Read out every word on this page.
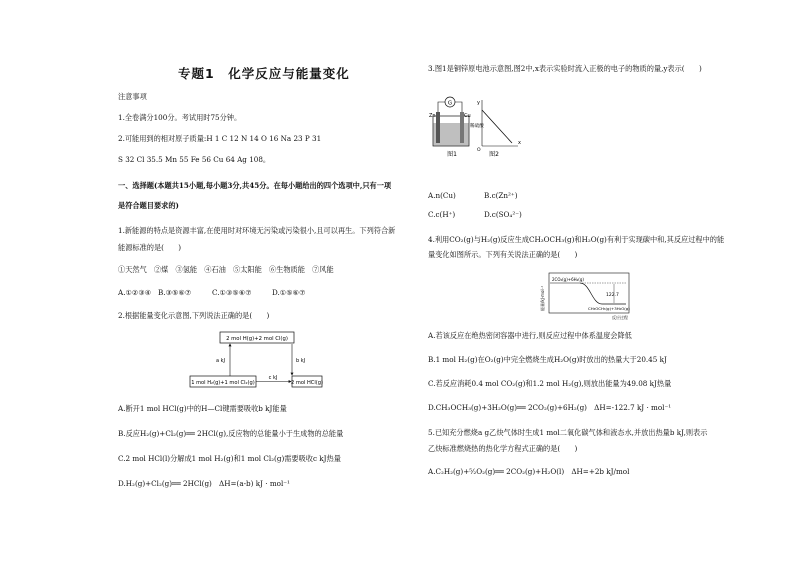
专题1　化学反应与能量变化
注意事项
1.全卷满分100分。考试用时75分钟。
2.可能用到的相对原子质量:H 1 C 12 N 14 O 16 Na 23 P 31
S 32 Cl 35.5 Mn 55 Fe 56 Cu 64 Ag 108。
一、选择题(本题共15小题,每小题3分,共45分。在每小题给出的四个选项中,只有一项
是符合题目要求的)
1.新能源的特点是资源丰富,在使用时对环境无污染或污染很小,且可以再生。下列符合新
能源标准的是(　　)
①天然气　②煤　③氢能　④石油　⑤太阳能　⑥生物质能　⑦风能
A.①②③④ B.③⑤⑥⑦	C.①③⑤⑥⑦	D.①⑤⑥⑦
2.根据能量变化示意图,下列说法正确的是(　　)
2 mol H(g)+2 mol Cl(g)
1 mol H₂(g)+1 mol Cl₂(g)	2 mol HCl(g)
a kJ	b kJ
c kJ
A.断开1 mol HCl(g)中的H—Cl键需要吸收b kJ能量
B.反应H₂(g)+Cl₂(g)══ 2HCl(g),反应物的总能量小于生成物的总能量
C.2 mol HCl(l)分解成1 mol H₂(g)和1 mol Cl₂(g)需要吸收c kJ热量
D.H₂(g)+Cl₂(g)══ 2HCl(g)　ΔH=(a-b) kJ · mol⁻¹
3.图1是铜锌原电池示意图,图2中,x表示实验时流入正极的电子的物质的量,y表示(　　)
G
Zn	Cu
稀硫酸
图1
y
x
O
图2
A.n(Cu)	B.c(Zn²⁺)
C.c(H⁺)	D.c(SO₄²⁻)
4.利用CO₂(g)与H₂(g)反应生成CH₃OCH₃(g)和H₂O(g)有利于实现碳中和,其反应过程中的能
量变化如图所示。下列有关说法正确的是(　　)
能量/kJ·mol⁻¹
2CO₂(g)+6H₂(g)
122.7
CH₃OCH₃(g)+3H₂O(g)
反应过程
A.若该反应在绝热密闭容器中进行,则反应过程中体系温度会降低
B.1 mol H₂(g)在O₂(g)中完全燃烧生成H₂O(g)时放出的热量大于20.45 kJ
C.若反应消耗0.4 mol CO₂(g)和1.2 mol H₂(g),则放出能量为49.08 kJ热量
D.CH₃OCH₃(g)+3H₂O(g)══ 2CO₂(g)+6H₂(g)　ΔH=-122.7 kJ · mol⁻¹
5.已知充分燃烧a g乙炔气体时生成1 mol二氧化碳气体和液态水,并放出热量b kJ,则表示
乙炔标准燃烧热的热化学方程式正确的是(　　)
A.C₂H₂(g)+⁵⁄₂O₂(g)══ 2CO₂(g)+H₂O(l)　ΔH=+2b kJ/mol
